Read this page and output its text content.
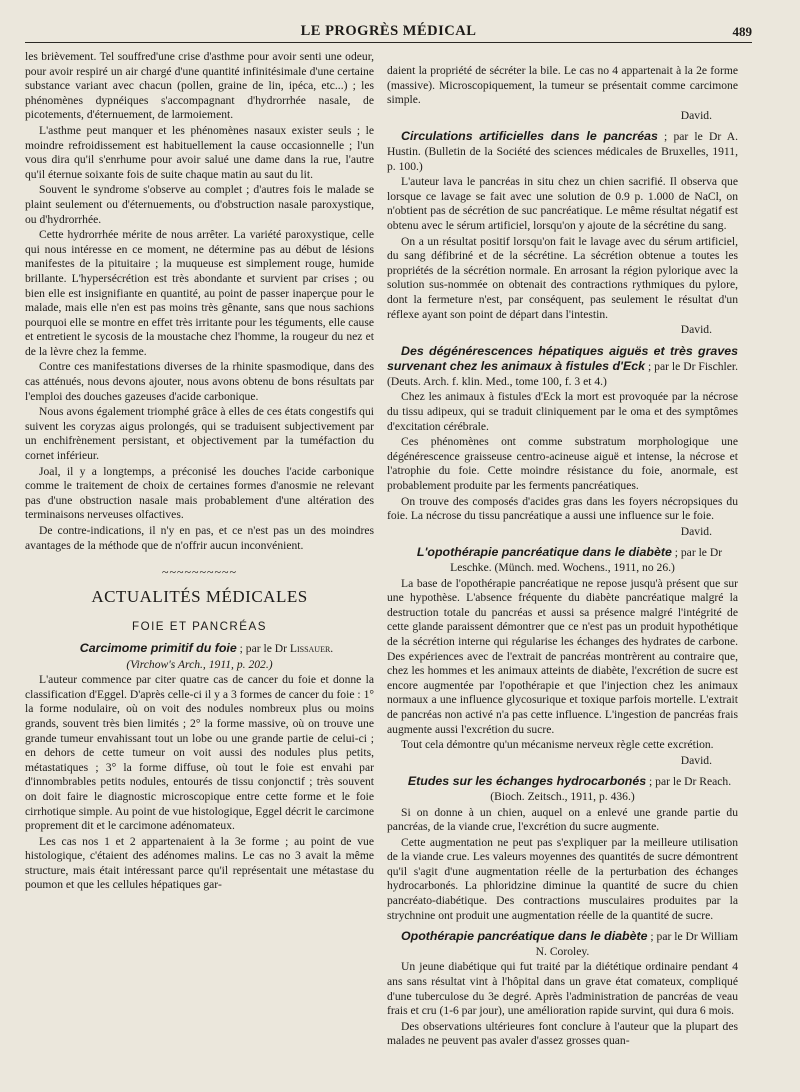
LE PROGRÈS MÉDICAL	489

les brièvement. Tel souffred'une crise d'asthme pour avoir senti une odeur, pour avoir respiré un air chargé d'une quantité infinitésimale d'une certaine substance variant avec chacun (pollen, graine de lin, ipéca, etc...) ; les phénomènes dypnéiques s'accompagnant d'hydrorrhée nasale, de picotements, d'éternuement, de larmoiement.

L'asthme peut manquer et les phénomènes nasaux exister seuls ; le moindre refroidissement est habituellement la cause occasionnelle ; l'un vous dira qu'il s'enrhume pour avoir salué une dame dans la rue, l'autre qu'il éternue soixante fois de suite chaque matin au saut du lit.

Souvent le syndrome s'observe au complet ; d'autres fois le malade se plaint seulement ou d'éternuements, ou d'obstruction nasale paroxystique, ou d'hydrorrhée.

Cette hydrorrhée mérite de nous arrêter. La variété paroxystique, celle qui nous intéresse en ce moment, ne détermine pas au début de lésions manifestes de la pituitaire ; la muqueuse est simplement rouge, humide brillante. L'hypersécrétion est très abondante et survient par crises ; ou bien elle est insignifiante en quantité, au point de passer inaperçue pour le malade, mais elle n'en est pas moins très gênante, sans que nous sachions pourquoi elle se montre en effet très irritante pour les téguments, elle cause et entretient le sycosis de la moustache chez l'homme, la rougeur du nez et de la lèvre chez la femme.

Contre ces manifestations diverses de la rhinite spasmodique, dans des cas atténués, nous devons ajouter, nous avons obtenu de bons résultats par l'emploi des douches gazeuses d'acide carbonique.

Nous avons également triomphé grâce à elles de ces états congestifs qui suivent les coryzas aigus prolongés, qui se traduisent subjectivement par un enchifrènement persistant, et objectivement par la tuméfaction du cornet inférieur.

Joal, il y a longtemps, a préconisé les douches l'acide carbonique comme le traitement de choix de certaines formes d'anosmie ne relevant pas d'une obstruction nasale mais probablement d'une altération des terminaisons nerveuses olfactives.

De contre-indications, il n'y en pas, et ce n'est pas un des moindres avantages de la méthode que de n'offrir aucun inconvénient.

~~~~~~~~~~
ACTUALITÉS MÉDICALES
FOIE ET PANCRÉAS

Carcimome primitif du foie ; par le Dr Lissauer.

(Virchow's Arch., 1911, p. 202.)

L'auteur commence par citer quatre cas de cancer du foie et donne la classification d'Eggel. D'après celle-ci il y a 3 formes de cancer du foie : 1° la forme nodulaire, où on voit des nodules nombreux plus ou moins grands, souvent très bien limités ; 2° la forme massive, où on trouve une grande tumeur envahissant tout un lobe ou une grande partie de celui-ci ; en dehors de cette tumeur on voit aussi des nodules plus petits, métastatiques ; 3° la forme diffuse, où tout le foie est envahi par d'innombrables petits nodules, entourés de tissu conjonctif ; très souvent on doit faire le diagnostic microscopique entre cette forme et le foie cirrhotique simple. Au point de vue histologique, Eggel décrit le carcimone proprement dit et le carcimone adénomateux.

Les cas nos 1 et 2 appartenaient à la 3e forme ; au point de vue histologique, c'étaient des adénomes malins. Le cas no 3 avait la même structure, mais était intéressant parce qu'il représentait une métastase du poumon et que les cellules hépatiques gar-

daient la propriété de sécréter la bile. Le cas no 4 appartenait à la 2e forme (massive). Microscopiquement, la tumeur se présentait comme carcimone simple.

David.

Circulations artificielles dans le pancréas ; par le Dr A. Hustin. (Bulletin de la Société des sciences médicales de Bruxelles, 1911, p. 100.)

L'auteur lava le pancréas in situ chez un chien sacrifié. Il observa que lorsque ce lavage se fait avec une solution de 0.9 p. 1.000 de NaCl, on n'obtient pas de sécrétion de suc pancréatique. Le même résultat négatif est obtenu avec le sérum artificiel, lorsqu'on y ajoute de la sécrétine du sang.

On a un résultat positif lorsqu'on fait le lavage avec du sérum artificiel, du sang défibriné et de la sécrétine. La sécrétion obtenue a toutes les propriétés de la sécrétion normale. En arrosant la région pylorique avec la solution sus-nommée on obtenait des contractions rythmiques du pylore, dont la fermeture n'est, par conséquent, pas seulement le résultat d'un réflexe ayant son point de départ dans l'intestin.

David.

Des dégénérescences hépatiques aiguës et très graves survenant chez les animaux à fistules d'Eck ; par le Dr Fischler. (Deuts. Arch. f. klin. Med., tome 100, f. 3 et 4.)

Chez les animaux à fistules d'Eck la mort est provoquée par la nécrose du tissu adipeux, qui se traduit cliniquement par le oma et des symptômes d'excitation cérébrale.

Ces phénomènes ont comme substratum morphologique une dégénérescence graisseuse centro-acineuse aiguë et intense, la nécrose et l'atrophie du foie. Cette moindre résistance du foie, anormale, est probablement produite par les ferments pancréatiques.

On trouve des composés d'acides gras dans les foyers nécropsiques du foie. La nécrose du tissu pancréatique a aussi une influence sur le foie.

David.

L'opothérapie pancréatique dans le diabète ; par le Dr Leschke. (Münch. med. Wochens., 1911, no 26.)

La base de l'opothérapie pancréatique ne repose jusqu'à présent que sur une hypothèse. L'absence fréquente du diabète pancréatique malgré la destruction totale du pancréas et aussi sa présence malgré l'intégrité de cette glande paraissent démontrer que ce n'est pas un produit hypothétique de la sécrétion interne qui régularise les échanges des hydrates de carbone. Des expériences avec de l'extrait de pancréas montrèrent au contraire que, chez les hommes et les animaux atteints de diabète, l'excrétion de sucre est encore augmentée par l'opothérapie et que l'injection chez les animaux normaux a une influence glycosurique et toxique parfois mortelle. L'extrait de pancréas non activé n'a pas cette influence. L'ingestion de pancréas frais augmente aussi l'excrétion du sucre.

Tout cela démontre qu'un mécanisme nerveux règle cette excrétion.

David.

Etudes sur les échanges hydrocarbonés ; par le Dr Reach. (Bioch. Zeitsch., 1911, p. 436.)

Si on donne à un chien, auquel on a enlevé une grande partie du pancréas, de la viande crue, l'excrétion du sucre augmente.

Cette augmentation ne peut pas s'expliquer par la meilleure utilisation de la viande crue. Les valeurs moyennes des quantités de sucre démontrent qu'il s'agit d'une augmentation réelle de la perturbation des échanges hydrocarbonés. La phloridzine diminue la quantité de sucre du chien pancréato-diabétique. Des contractions musculaires produites par la strychnine ont produit une augmentation réelle de la quantité de sucre.

Opothérapie pancréatique dans le diabète ; par le Dr William N. Coroley.

Un jeune diabétique qui fut traité par la diététique ordinaire pendant 4 ans sans résultat vint à l'hôpital dans un grave état comateux, compliqué d'une tuberculose du 3e degré. Après l'administration de pancréas de veau frais et cru (1-6 par jour), une amélioration rapide survint, qui dura 6 mois.

Des observations ultérieures font conclure à l'auteur que la plupart des malades ne peuvent pas avaler d'assez grosses quan-
